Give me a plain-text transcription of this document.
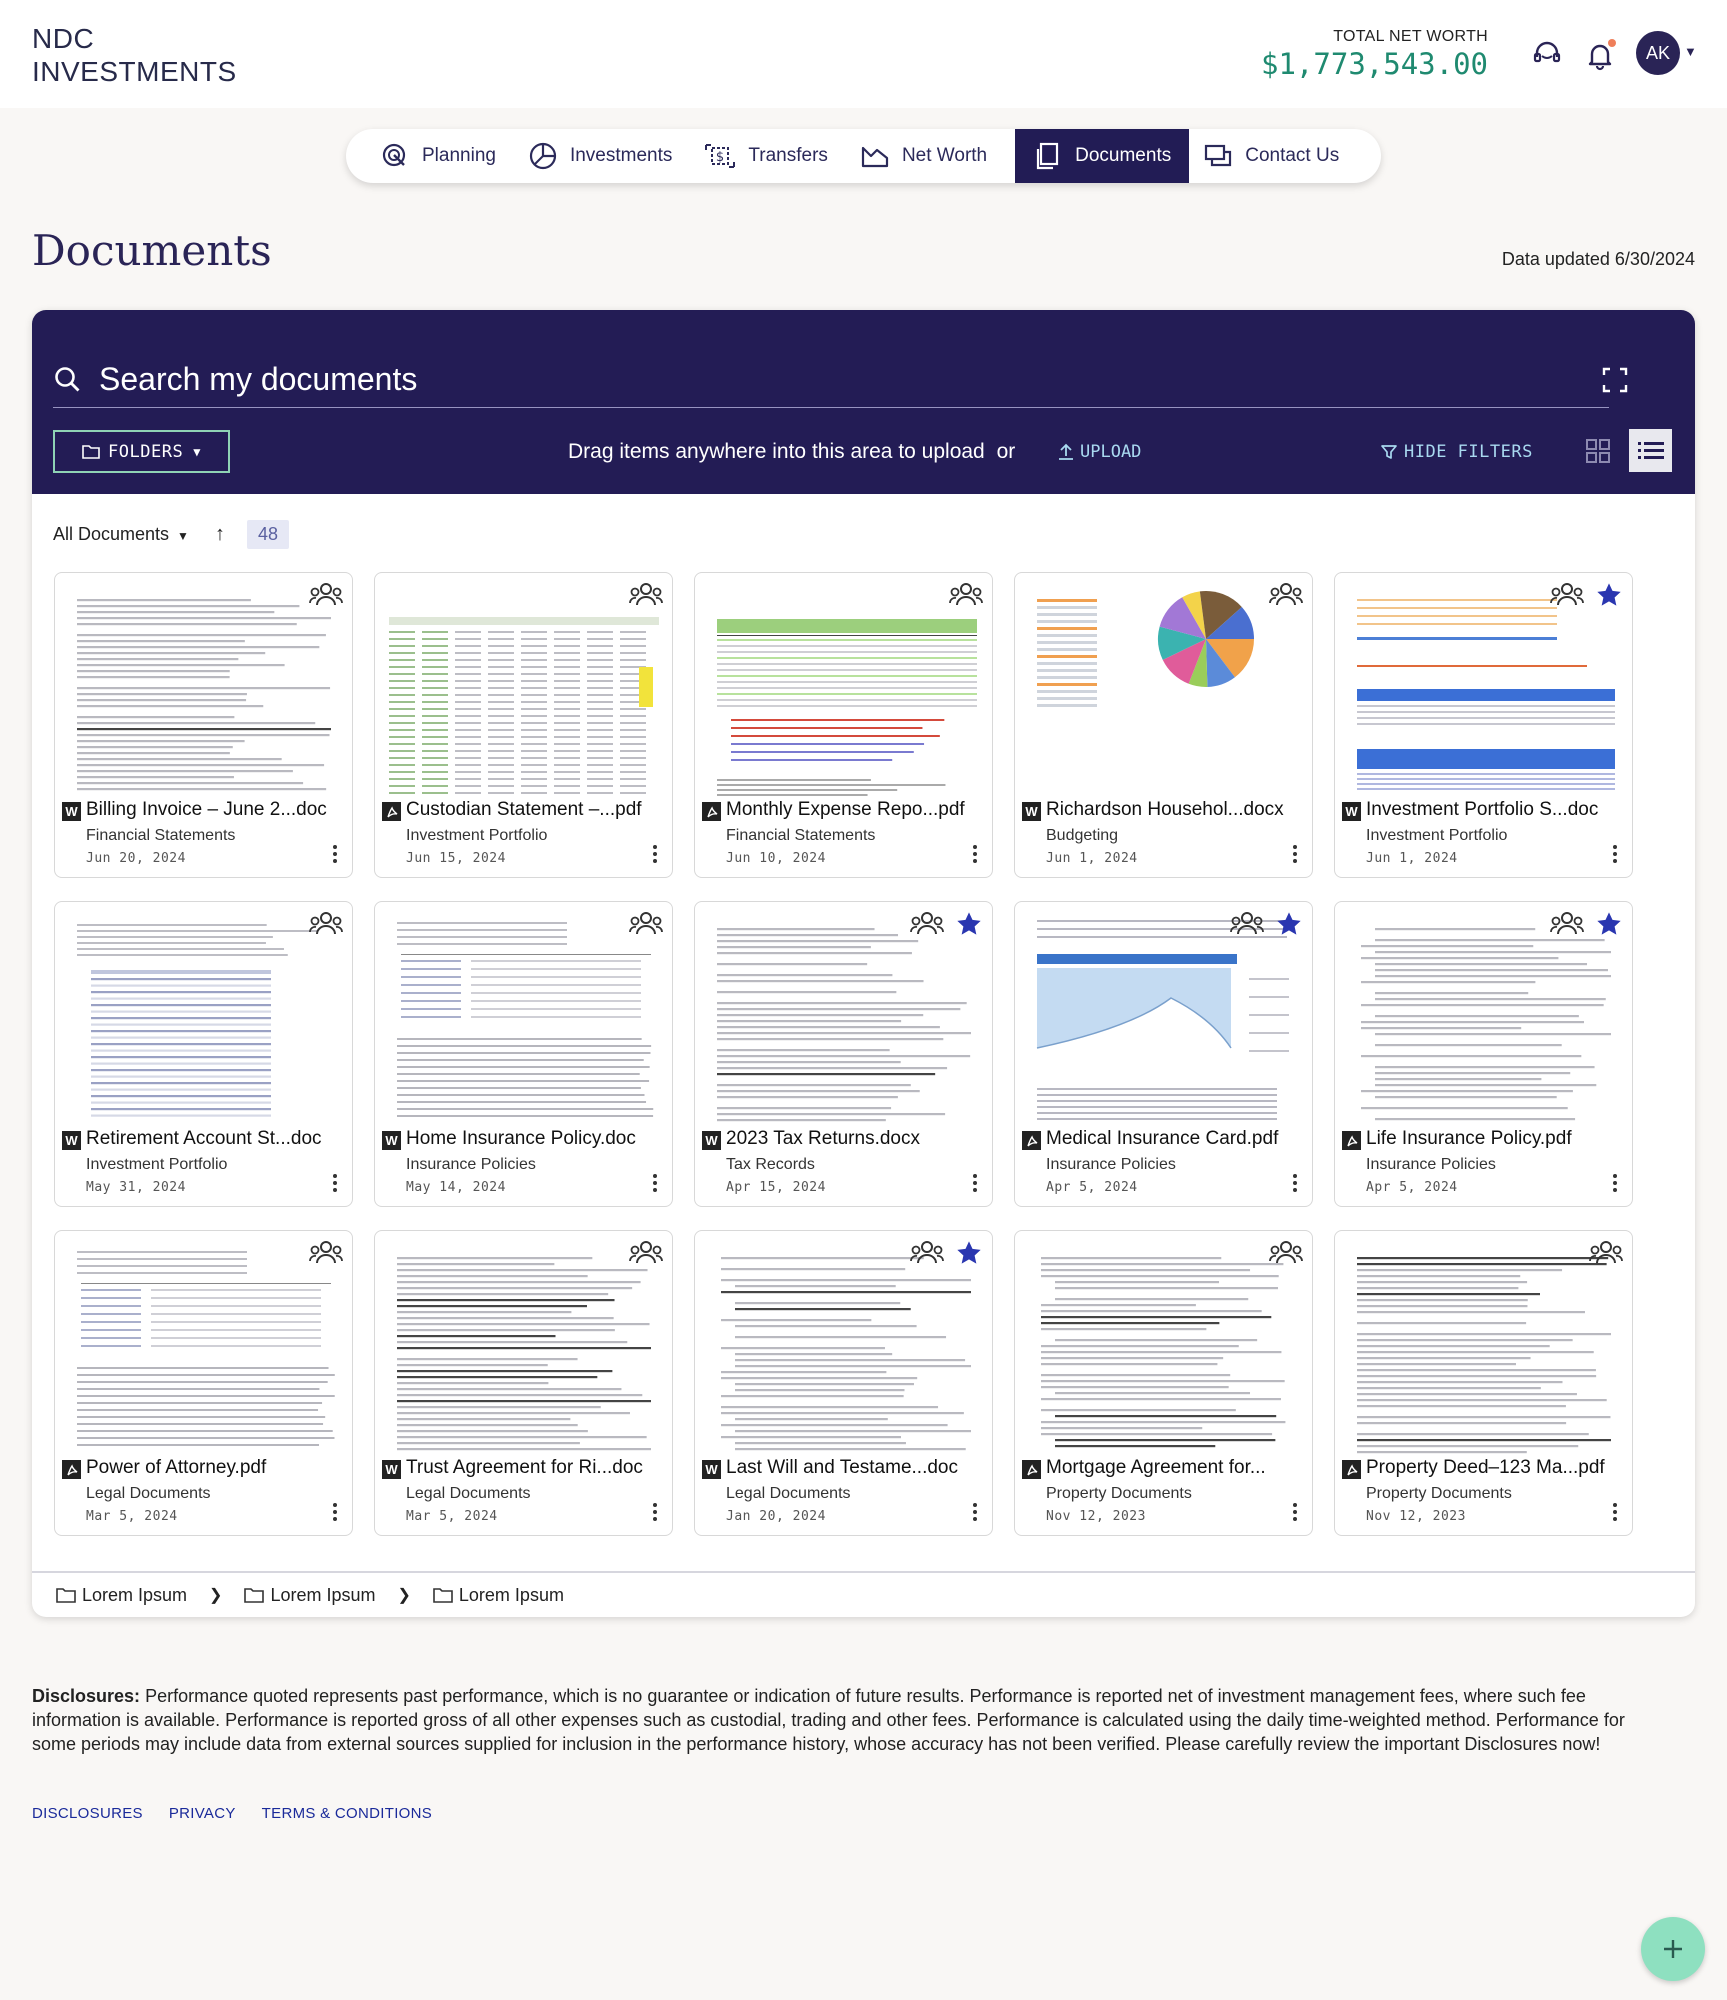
NDC
INVESTMENTS
TOTAL NET WORTH
$1,773,543.00	AK	▼
Planning	Investments	$ Transfers	Net Worth	Documents	Contact Us
Documents	Data updated 6/30/2024
Search my documents
FOLDERS ▼	Drag items anywhere into this area to upload or	UPLOAD	HIDE FILTERS
All Documents ▼ ↑	48
W Billing Invoice – June 2...doc
Financial Statements
Jun 20, 2024
Custodian Statement –...pdf
Investment Portfolio
Jun 15, 2024
Monthly Expense Repo...pdf
Financial Statements
Jun 10, 2024
W Richardson Househol...docx
Budgeting
Jun 1, 2024
W Investment Portfolio S...doc
Investment Portfolio
Jun 1, 2024
W Retirement Account St...doc
Investment Portfolio
May 31, 2024
W Home Insurance Policy.doc
Insurance Policies
May 14, 2024
W 2023 Tax Returns.docx
Tax Records
Apr 15, 2024
Medical Insurance Card.pdf
Insurance Policies
Apr 5, 2024
Life Insurance Policy.pdf
Insurance Policies
Apr 5, 2024
Power of Attorney.pdf
Legal Documents
Mar 5, 2024
W Trust Agreement for Ri...doc
Legal Documents
Mar 5, 2024
W Last Will and Testame...doc
Legal Documents
Jan 20, 2024
Mortgage Agreement for...
Property Documents
Nov 12, 2023
Property Deed–123 Ma...pdf
Property Documents
Nov 12, 2023
Lorem Ipsum ❯	Lorem Ipsum ❯	Lorem Ipsum
Disclosures: Performance quoted represents past performance, which is no guarantee or indication of future results. Performance is reported net of investment management fees, where such fee information is available. Performance is reported gross of all other expenses such as custodial, trading and other fees. Performance is calculated using the daily time-weighted method. Performance for some periods may include data from external sources supplied for inclusion in the performance history, whose accuracy has not been verified. Please carefully review the important Disclosures now!
DISCLOSURES PRIVACY TERMS & CONDITIONS
